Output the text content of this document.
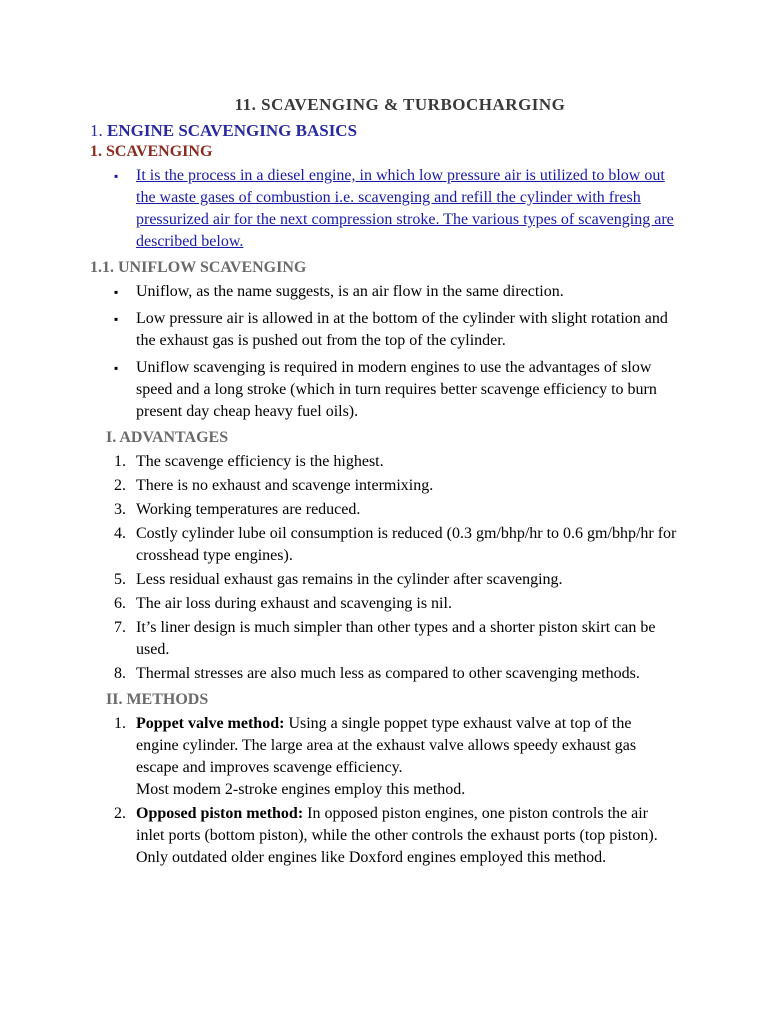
11. SCAVENGING & TURBOCHARGING
1. ENGINE SCAVENGING BASICS
1. SCAVENGING
▪ It is the process in a diesel engine, in which low pressure air is utilized to blow out the waste gases of combustion i.e. scavenging and refill the cylinder with fresh pressurized air for the next compression stroke. The various types of scavenging are described below.
1.1. UNIFLOW SCAVENGING
▪ Uniflow, as the name suggests, is an air flow in the same direction.
▪ Low pressure air is allowed in at the bottom of the cylinder with slight rotation and the exhaust gas is pushed out from the top of the cylinder.
▪ Uniflow scavenging is required in modern engines to use the advantages of slow speed and a long stroke (which in turn requires better scavenge efficiency to burn present day cheap heavy fuel oils).
I. ADVANTAGES
1. The scavenge efficiency is the highest.
2. There is no exhaust and scavenge intermixing.
3. Working temperatures are reduced.
4. Costly cylinder lube oil consumption is reduced (0.3 gm/bhp/hr to 0.6 gm/bhp/hr for crosshead type engines).
5. Less residual exhaust gas remains in the cylinder after scavenging.
6. The air loss during exhaust and scavenging is nil.
7. It’s liner design is much simpler than other types and a shorter piston skirt can be used.
8. Thermal stresses are also much less as compared to other scavenging methods.
II. METHODS
1. Poppet valve method: Using a single poppet type exhaust valve at top of the engine cylinder. The large area at the exhaust valve allows speedy exhaust gas escape and improves scavenge efficiency.
Most modem 2-stroke engines employ this method.
2. Opposed piston method: In opposed piston engines, one piston controls the air inlet ports (bottom piston), while the other controls the exhaust ports (top piston). Only outdated older engines like Doxford engines employed this method.
